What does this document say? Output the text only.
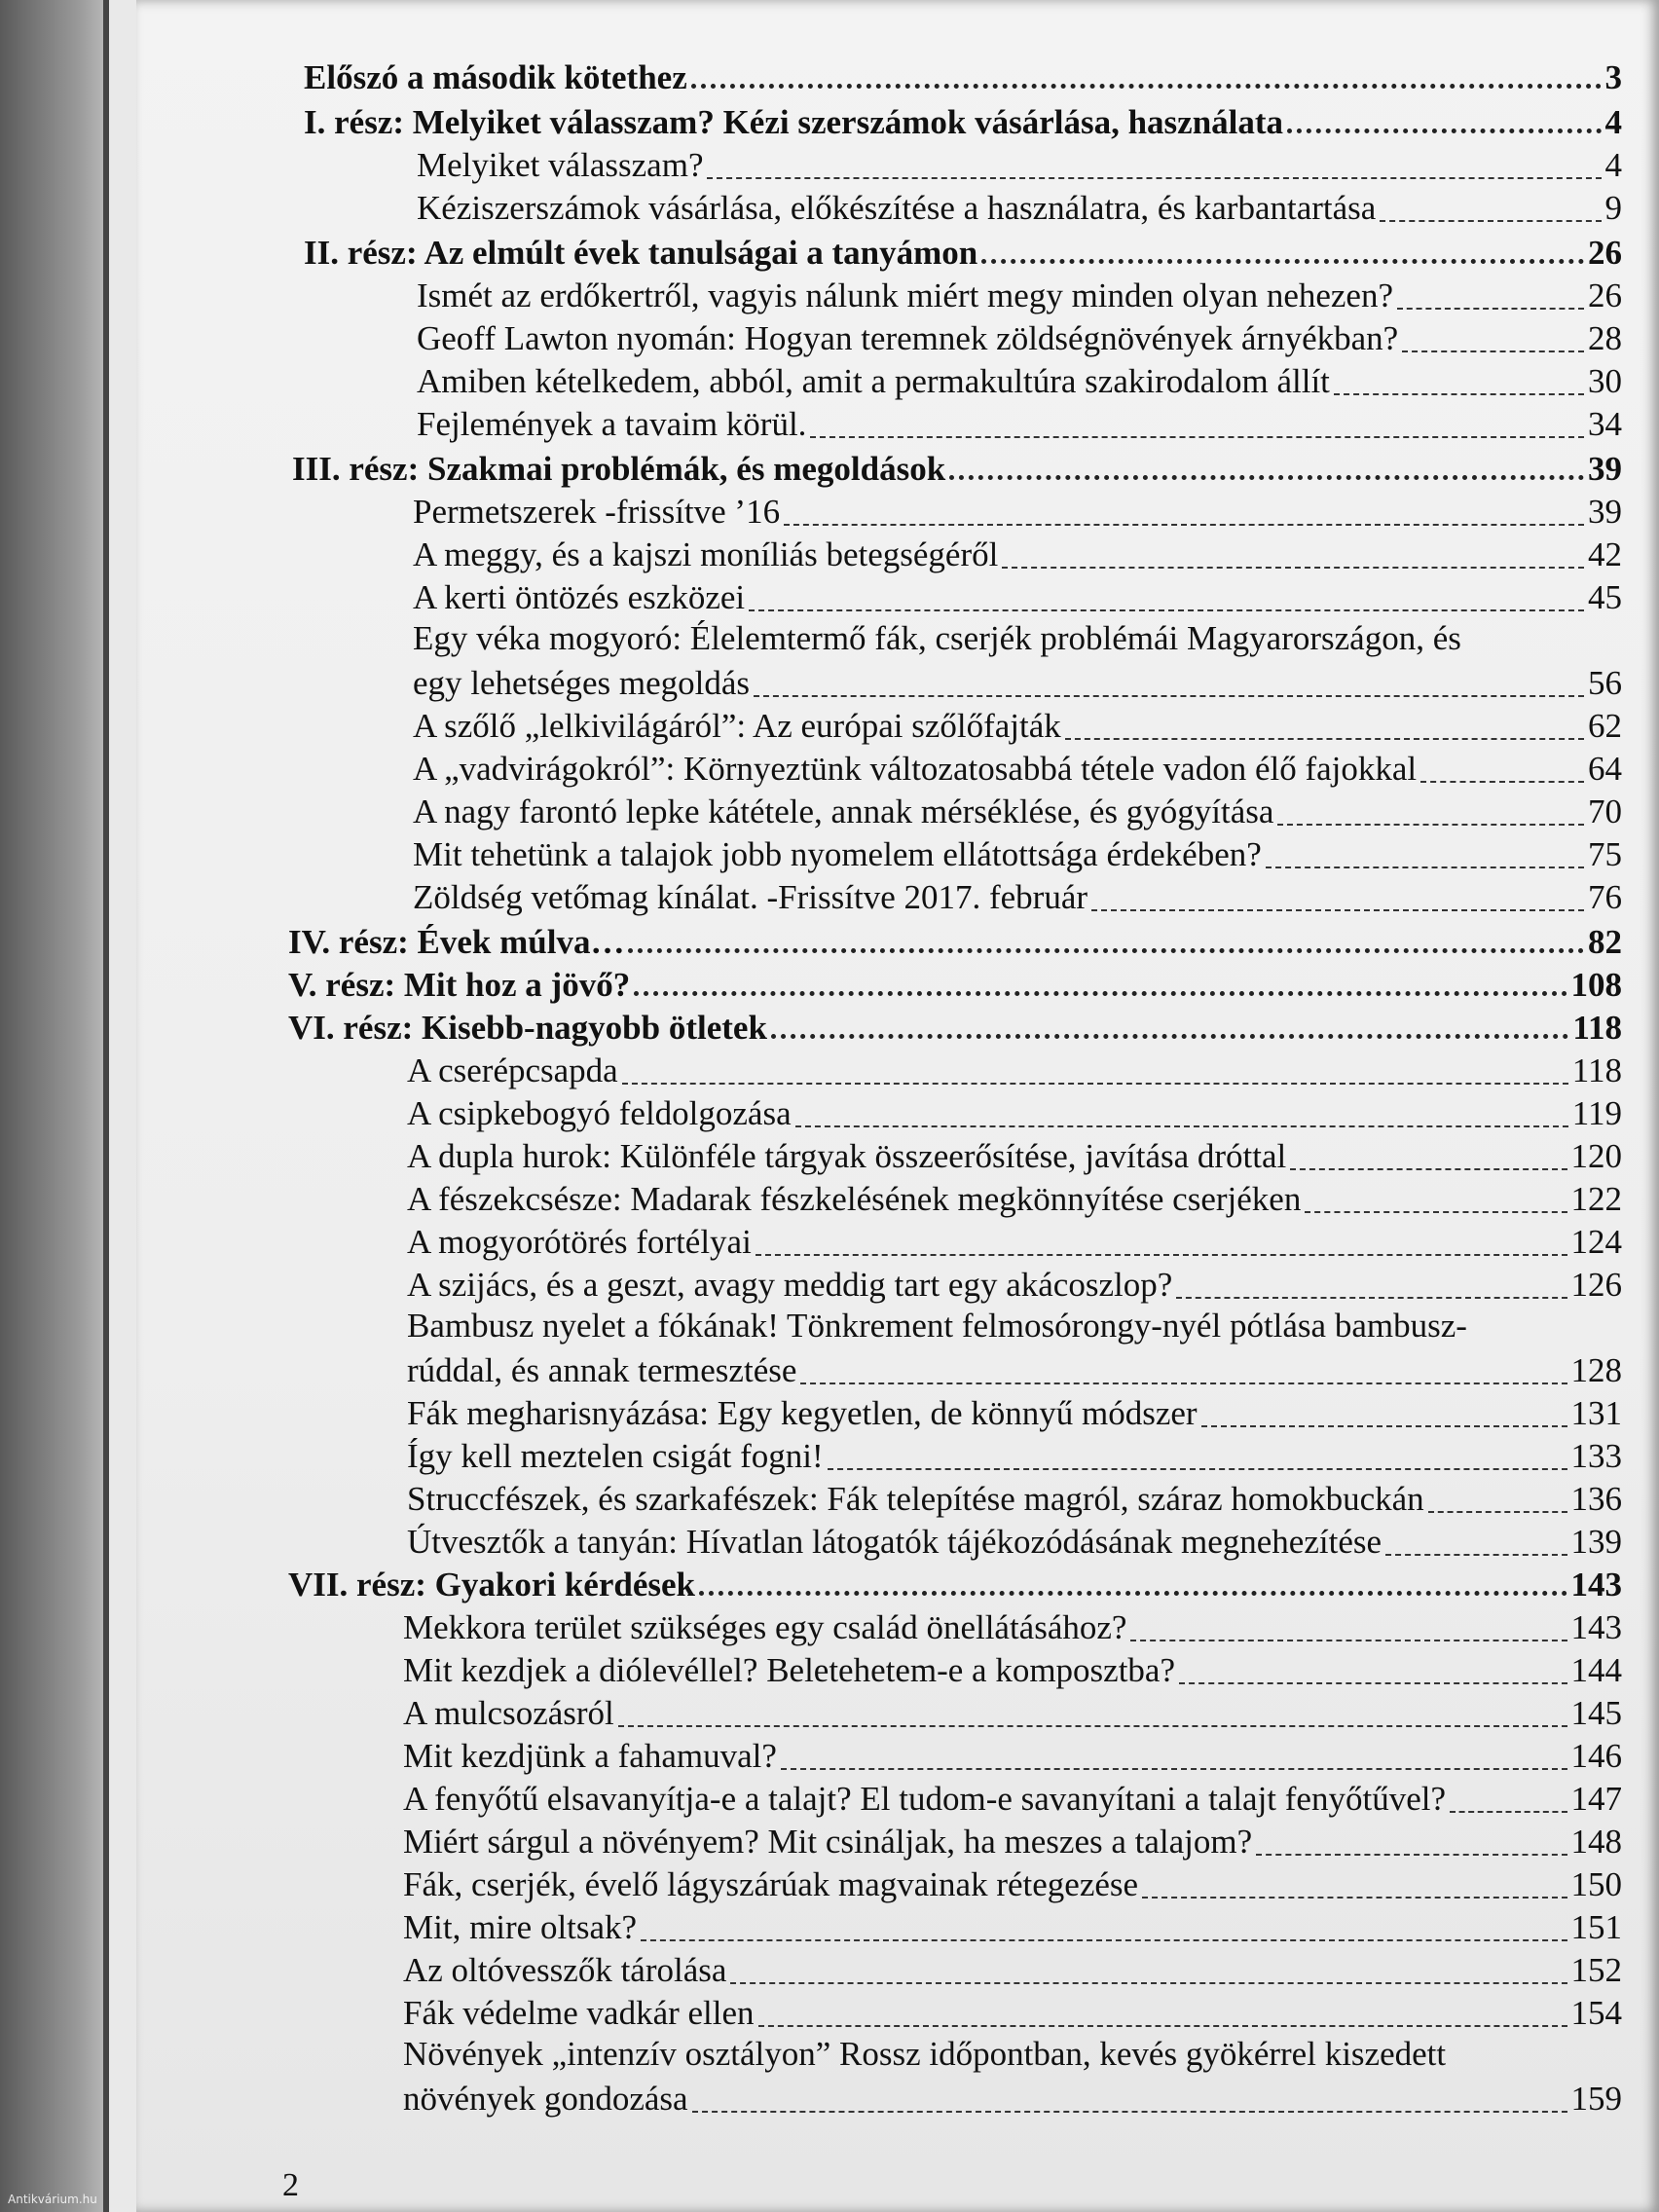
Előszó a második kötethez	3
I. rész: Melyiket válasszam? Kézi szerszámok vásárlása, használata	4
Melyiket válasszam?	4
Kéziszerszámok vásárlása, előkészítése a használatra, és karbantartása	9
II. rész: Az elmúlt évek tanulságai a tanyámon	26
Ismét az erdőkertről, vagyis nálunk miért megy minden olyan nehezen?	26
Geoff Lawton nyomán: Hogyan teremnek zöldségnövények árnyékban?	28
Amiben kételkedem, abból, amit a permakultúra szakirodalom állít	30
Fejlemények a tavaim körül.	34
III. rész: Szakmai problémák, és megoldások	39
Permetszerek -frissítve ’16	39
A meggy, és a kajszi moníliás betegségéről	42
A kerti öntözés eszközei	45
Egy véka mogyoró: Élelemtermő fák, cserjék problémái Magyarországon, és
egy lehetséges megoldás	56
A szőlő „lelkivilágáról”: Az európai szőlőfajták	62
A „vadvirágokról”: Környeztünk változatosabbá tétele vadon élő fajokkal	64
A nagy farontó lepke kátétele, annak mérséklése, és gyógyítása	70
Mit tehetünk a talajok jobb nyomelem ellátottsága érdekében?	75
Zöldség vetőmag kínálat. -Frissítve 2017. február	76
IV. rész: Évek múlva…	82
V. rész: Mit hoz a jövő?	108
VI. rész: Kisebb-nagyobb ötletek	118
A cserépcsapda	118
A csipkebogyó feldolgozása	119
A dupla hurok: Különféle tárgyak összeerősítése, javítása dróttal	120
A fészekcsésze: Madarak fészkelésének megkönnyítése cserjéken	122
A mogyorótörés fortélyai	124
A szijács, és a geszt, avagy meddig tart egy akácoszlop?	126
Bambusz nyelet a fókának! Tönkrement felmosórongy-nyél pótlása bambusz-
rúddal, és annak termesztése	128
Fák megharisnyázása: Egy kegyetlen, de könnyű módszer	131
Így kell meztelen csigát fogni!	133
Struccfészek, és szarkafészek: Fák telepítése magról, száraz homokbuckán	136
Útvesztők a tanyán: Hívatlan látogatók tájékozódásának megnehezítése	139
VII. rész: Gyakori kérdések	143
Mekkora terület szükséges egy család önellátásához?	143
Mit kezdjek a diólevéllel? Beletehetem-e a komposztba?	144
A mulcsozásról	145
Mit kezdjünk a fahamuval?	146
A fenyőtű elsavanyítja-e a talajt? El tudom-e savanyítani a talajt fenyőtűvel?	147
Miért sárgul a növényem? Mit csináljak, ha meszes a talajom?	148
Fák, cserjék, évelő lágyszárúak magvainak rétegezése	150
Mit, mire oltsak?	151
Az oltóvesszők tárolása	152
Fák védelme vadkár ellen	154
Növények „intenzív osztályon” Rossz időpontban, kevés gyökérrel kiszedett
növények gondozása	159
2
Antikvárium.hu
